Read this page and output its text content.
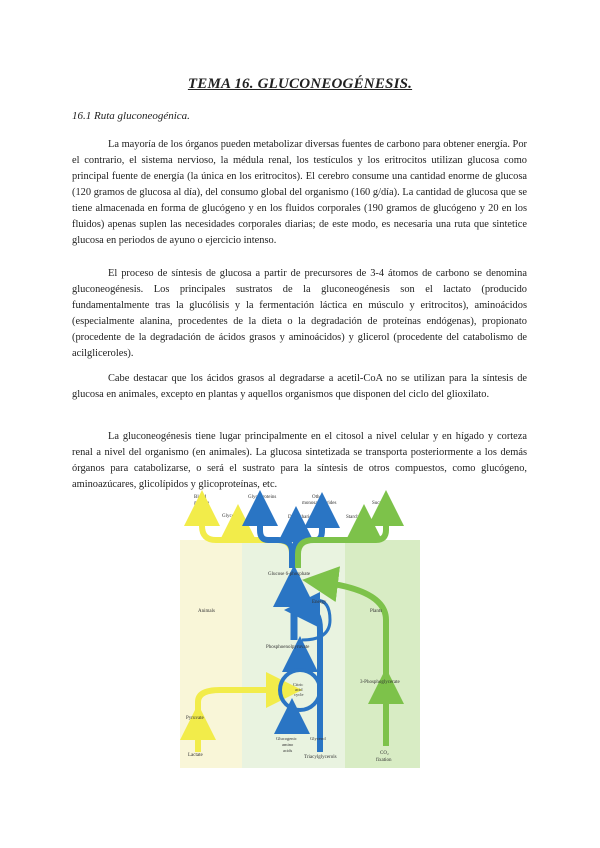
TEMA 16. GLUCONEOGÉNESIS.
16.1 Ruta gluconeogénica.

La mayoría de los órganos pueden metabolizar diversas fuentes de carbono para obtener energía. Por el contrario, el sistema nervioso, la médula renal, los testículos y los eritrocitos utilizan glucosa como principal fuente de energía (la única en los eritrocitos). El cerebro consume una cantidad enorme de glucosa (120 gramos de glucosa al día), del consumo global del organismo (160 g/día). La cantidad de glucosa que se tiene almacenada en forma de glucógeno y en los fluidos corporales (190 gramos de glucógeno y 20 en los fluidos) apenas suplen las necesidades corporales diarias; de este modo, es necesaria una ruta que sintetice glucosa en periodos de ayuno o ejercicio intenso.

El proceso de síntesis de glucosa a partir de precursores de 3-4 átomos de carbono se denomina gluconeogénesis. Los principales sustratos de la gluconeogénesis son el lactato (producido fundamentalmente tras la glucólisis y la fermentación láctica en músculo y eritrocitos), aminoácidos (especialmente alanina, procedentes de la dieta o la degradación de proteínas endógenas), propionato (procedente de la degradación de ácidos grasos y aminoácidos) y glicerol (procedente del catabolismo de acilgliceroles).

Cabe destacar que los ácidos grasos al degradarse a acetil-CoA no se utilizan para la síntesis de glucosa en animales, excepto en plantas y aquellos organismos que disponen del ciclo del glioxilato.

La gluconeogénesis tiene lugar principalmente en el citosol a nivel celular y en hígado y corteza renal a nivel del organismo (en animales). La glucosa sintetizada se transporta posteriormente a los demás órganos para catabolizarse, o será el sustrato para la síntesis de otros compuestos, como glucógeno, aminoazúcares, glicolípidos y glicoproteínas, etc.

Blood
glucose
Glycogen
Glycoproteins	Other
monosaccharides
Disaccharides	Starch
Sucrose
Glucose 6-phosphate
Energy
Animals	Plants
Phosphoenolpyruvate
Citric
acid
cycle
Pyruvate
Lactate
Glucogenic
amino
acids
Glycerol
Triacylglycerols
3-Phosphoglycerate
CO₂
fixation
